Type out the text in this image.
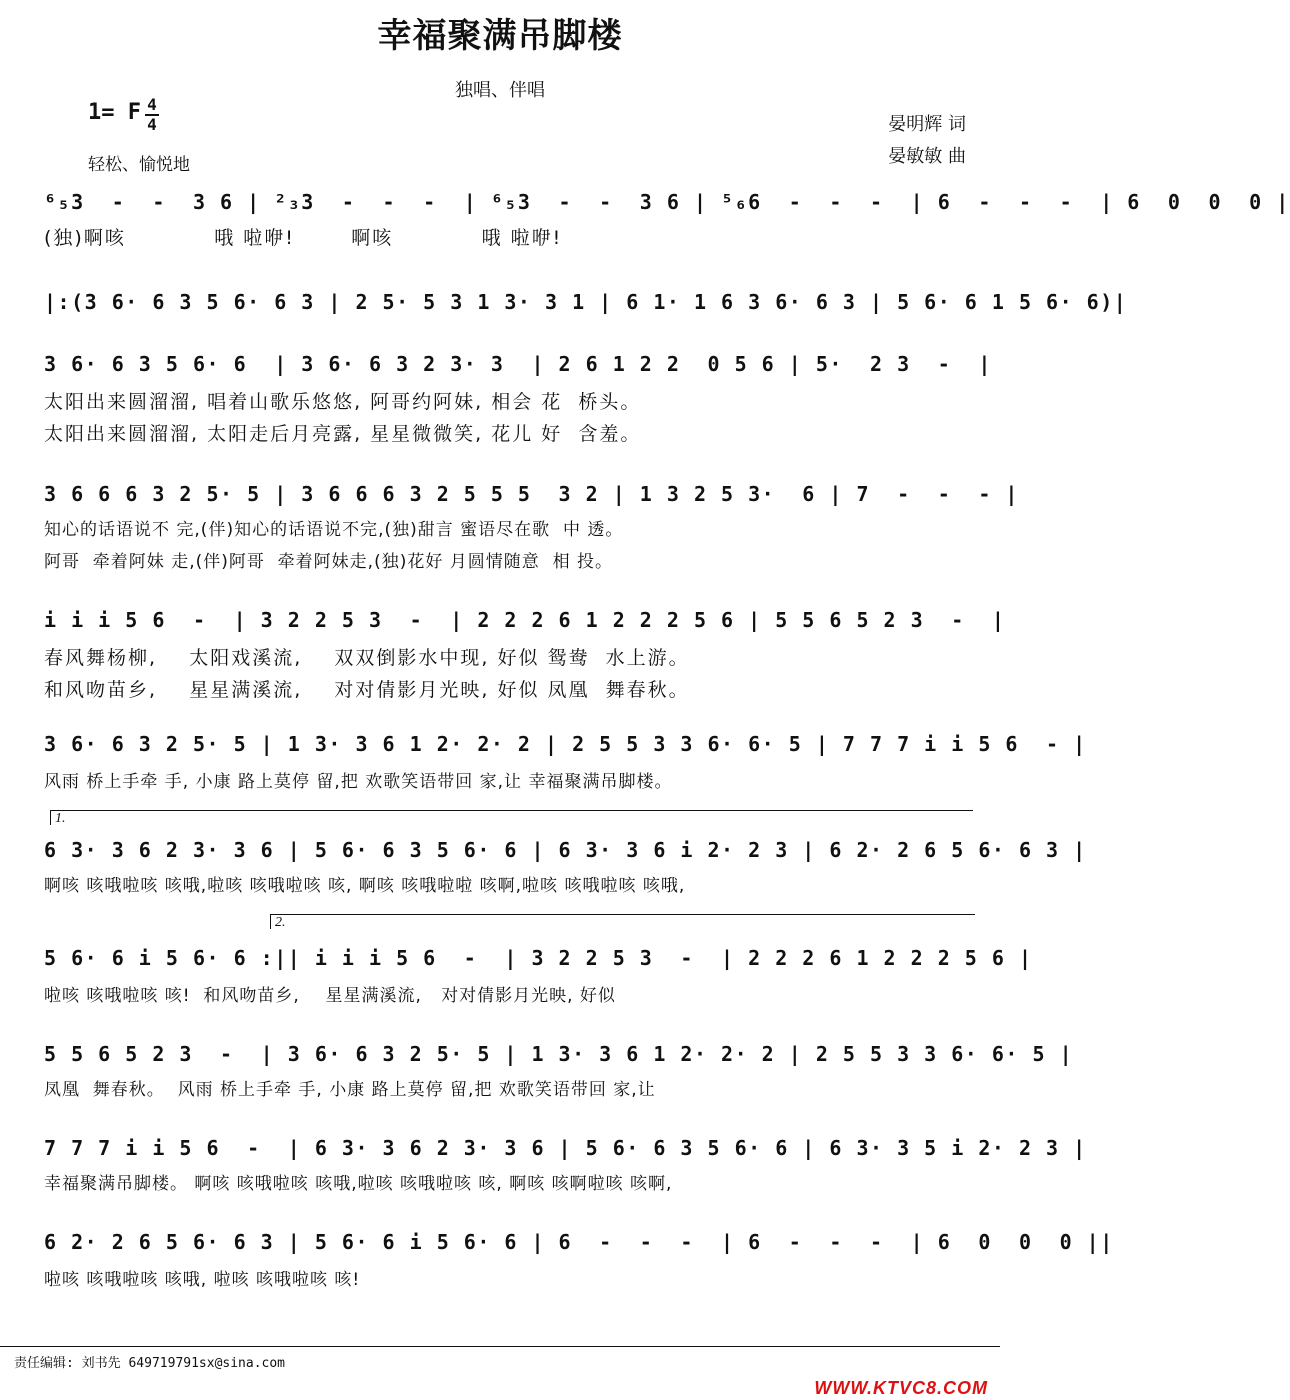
幸福聚满吊脚楼
独唱、伴唱
1= F 4
4
轻松、愉悦地
晏明辉 词
晏敏敏 曲
⁶₅3  -  -  3 6 | ²₃3  -  -  -  | ⁶₅3  -  -  3 6 | ⁵₆6  -  -  -  | 6  -  -  -  | 6  0  0  0 |
(独)啊咳           哦 啦咿!       啊咳           哦 啦咿!
|:(3 6· 6 3 5 6· 6 3 | 2 5· 5 3 1 3· 3 1 | 6 1· 1 6 3 6· 6 3 | 5 6· 6 1 5 6· 6)|
3 6· 6 3 5 6· 6  | 3 6· 6 3 2 3· 3  | 2 6 1 2 2  0 5 6 | 5·  2 3  -  |
太阳出来圆溜溜, 唱着山歌乐悠悠, 阿哥约阿妹, 相会 花  桥头。
太阳出来圆溜溜, 太阳走后月亮露, 星星微微笑, 花儿 好  含羞。
3 6 6 6 3 2 5· 5 | 3 6 6 6 3 2 5 5 5  3 2 | 1 3 2 5 3·  6 | 7  -  -  - |
知心的话语说不 完,(伴)知心的话语说不完,(独)甜言 蜜语尽在歌  中 透。
阿哥  牵着阿妹 走,(伴)阿哥  牵着阿妹走,(独)花好 月圆情随意  相 投。
i i i 5 6  -  | 3 2 2 5 3  -  | 2 2 2 6 1 2 2 2 5 6 | 5 5 6 5 2 3  -  |
春风舞杨柳,    太阳戏溪流,    双双倒影水中现, 好似 鸳鸯  水上游。
和风吻苗乡,    星星满溪流,    对对倩影月光映, 好似 凤凰  舞春秋。
3 6· 6 3 2 5· 5 | 1 3· 3 6 1 2· 2· 2 | 2 5 5 3 3 6· 6· 5 | 7 7 7 i i 5 6  - |
风雨 桥上手牵 手, 小康 路上莫停 留,把 欢歌笑语带回 家,让 幸福聚满吊脚楼。
1.
6 3· 3 6 2 3· 3 6 | 5 6· 6 3 5 6· 6 | 6 3· 3 6 i 2· 2 3 | 6 2· 2 6 5 6· 6 3 |
啊咳 咳哦啦咳 咳哦,啦咳 咳哦啦咳 咳, 啊咳 咳哦啦啦 咳啊,啦咳 咳哦啦咳 咳哦,
2.
5 6· 6 i 5 6· 6 :|| i i i 5 6  -  | 3 2 2 5 3  -  | 2 2 2 6 1 2 2 2 5 6 |
啦咳 咳哦啦咳 咳!  和风吻苗乡,    星星满溪流,   对对倩影月光映, 好似
5 5 6 5 2 3  -  | 3 6· 6 3 2 5· 5 | 1 3· 3 6 1 2· 2· 2 | 2 5 5 3 3 6· 6· 5 |
凤凰  舞春秋。  风雨 桥上手牵 手, 小康 路上莫停 留,把 欢歌笑语带回 家,让
7 7 7 i i 5 6  -  | 6 3· 3 6 2 3· 3 6 | 5 6· 6 3 5 6· 6 | 6 3· 3 5 i 2· 2 3 |
幸福聚满吊脚楼。 啊咳 咳哦啦咳 咳哦,啦咳 咳哦啦咳 咳, 啊咳 咳啊啦咳 咳啊,
6 2· 2 6 5 6· 6 3 | 5 6· 6 i 5 6· 6 | 6  -  -  -  | 6  -  -  -  | 6  0  0  0 ||
啦咳 咳哦啦咳 咳哦, 啦咳 咳哦啦咳 咳!
责任编辑: 刘书先 649719791sx@sina.com
WWW.KTVC8.COM
